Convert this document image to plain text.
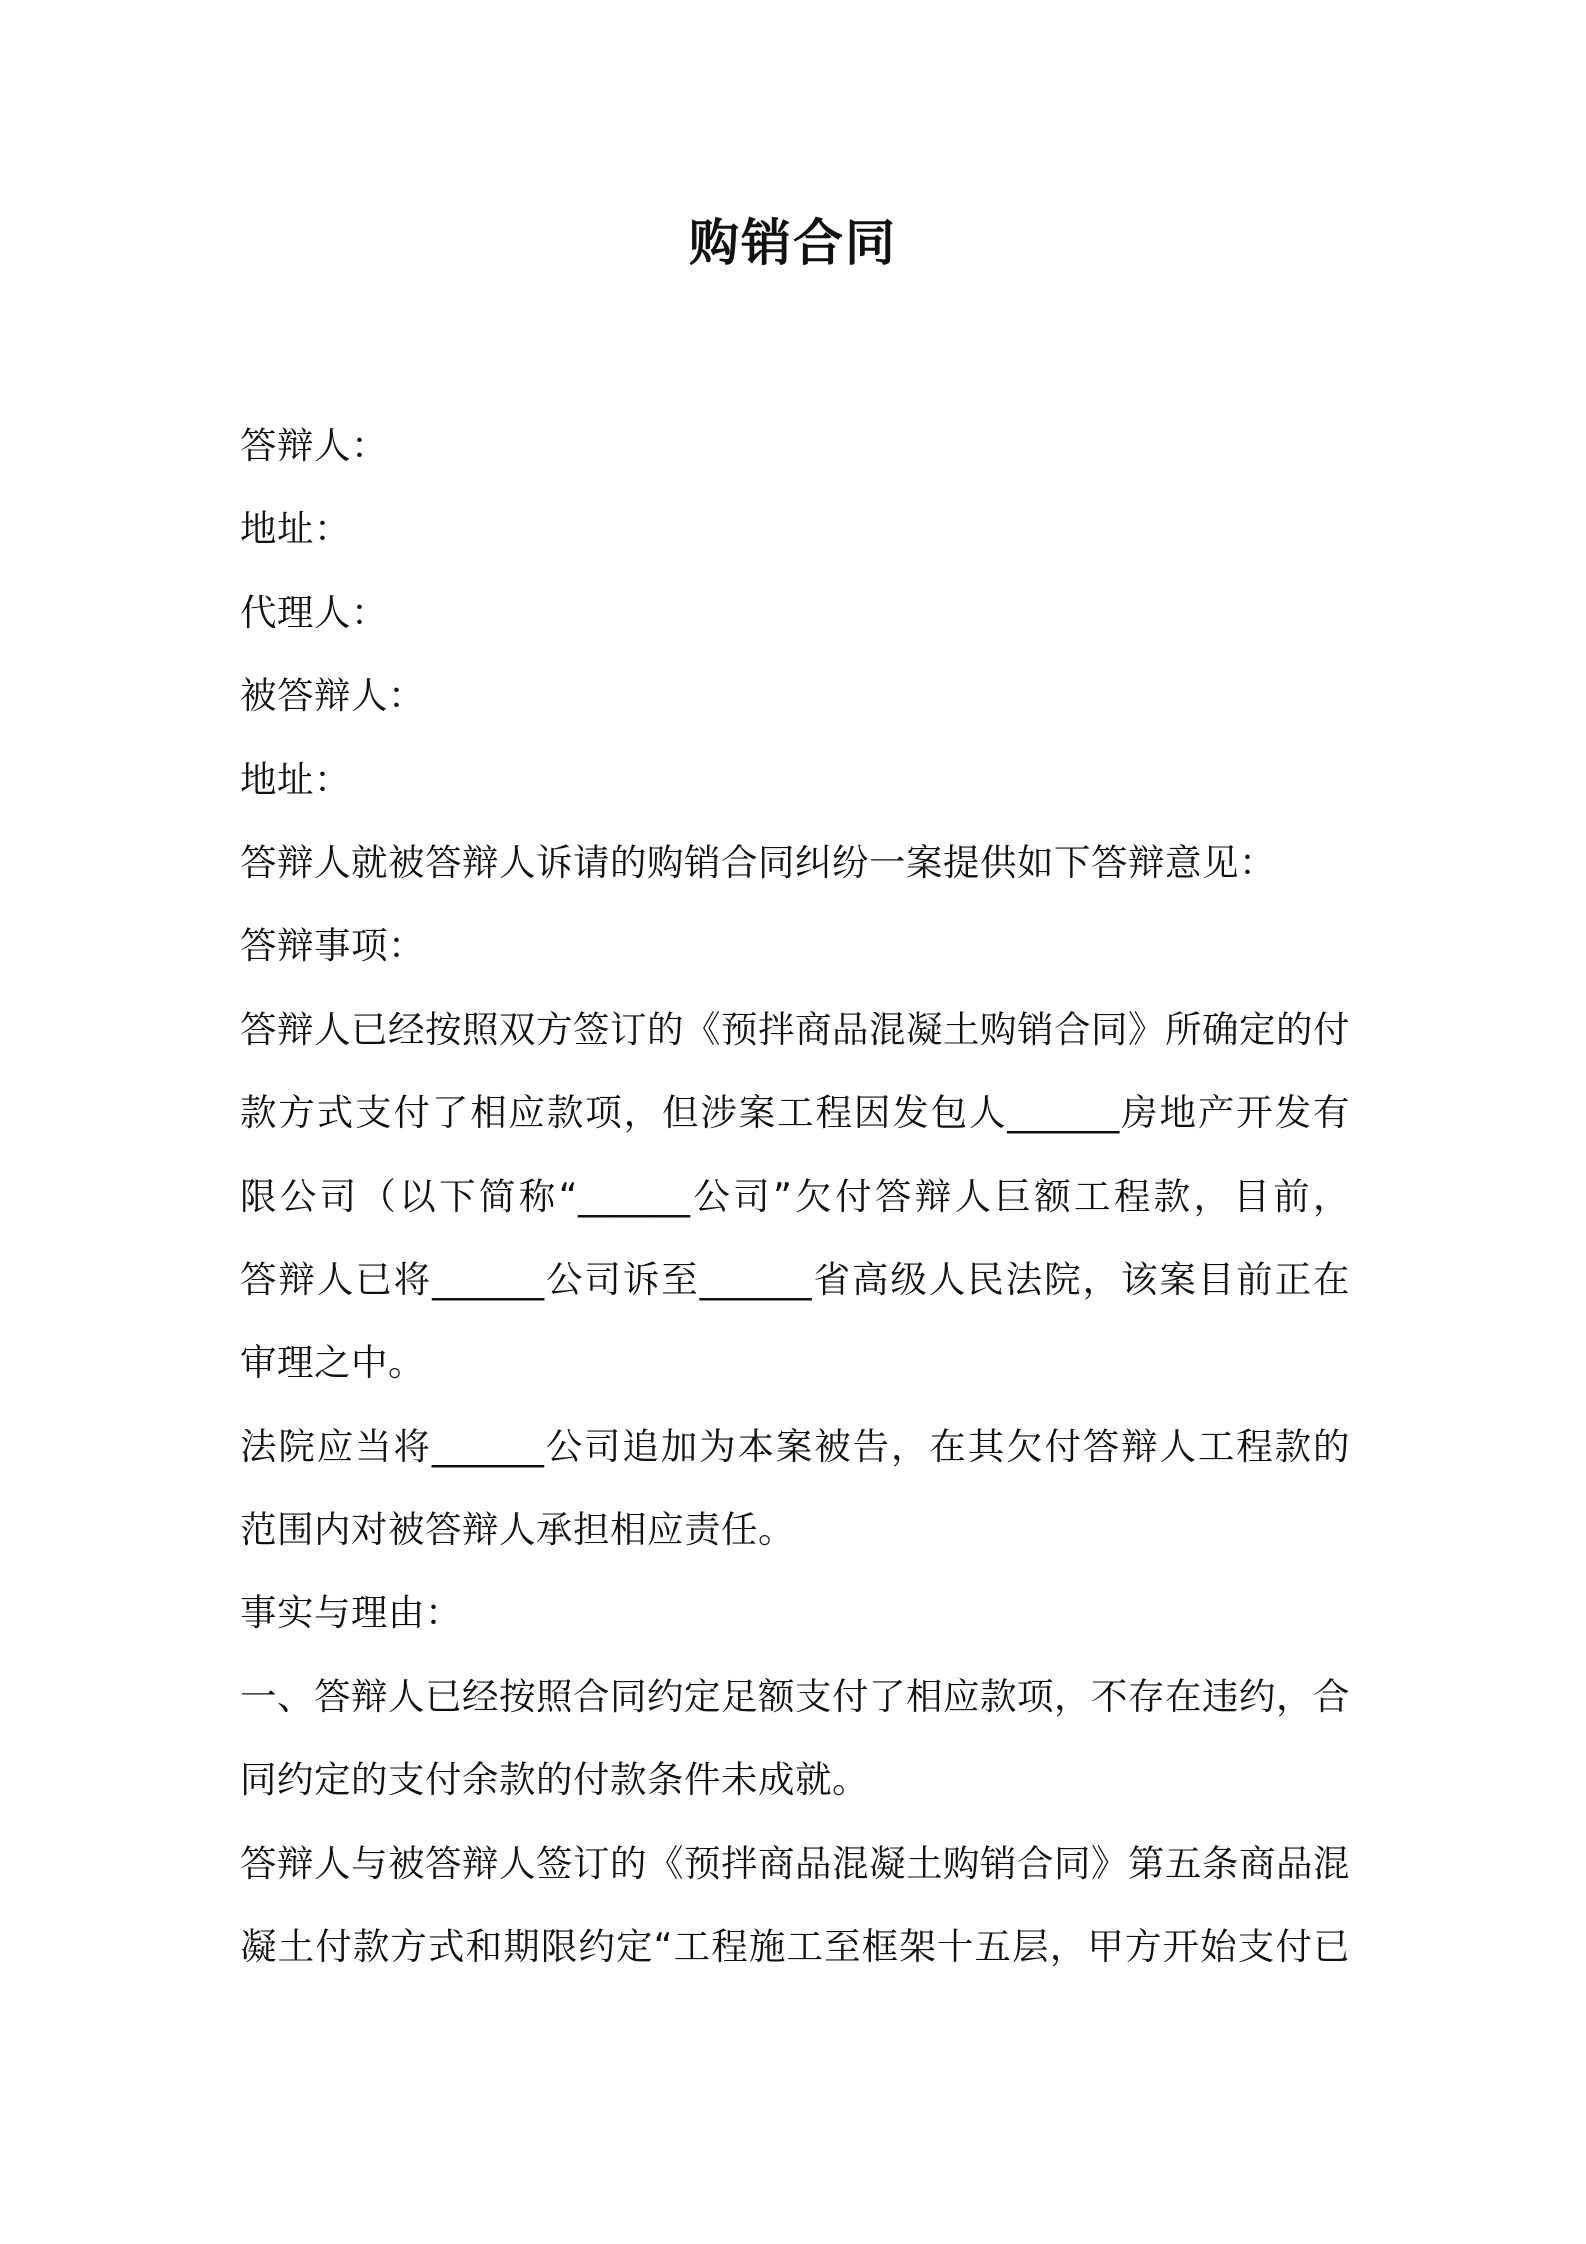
购销合同
答辩人：
地址：
代理人：
被答辩人：
地址：
答辩人就被答辩人诉请的购销合同纠纷一案提供如下答辩意见：
答辩事项：
答辩人已经按照双方签订的《预拌商品混凝土购销合同》所确定的付
款方式支付了相应款项，但涉案工程因发包人______房地产开发有
限公司（以下简称“______公司”欠付答辩人巨额工程款，目前，
答辩人已将______公司诉至______省高级人民法院，该案目前正在
审理之中。
法院应当将______公司追加为本案被告，在其欠付答辩人工程款的
范围内对被答辩人承担相应责任。
事实与理由：
一、答辩人已经按照合同约定足额支付了相应款项，不存在违约，合
同约定的支付余款的付款条件未成就。
答辩人与被答辩人签订的《预拌商品混凝土购销合同》第五条商品混
凝土付款方式和期限约定“工程施工至框架十五层，甲方开始支付已
